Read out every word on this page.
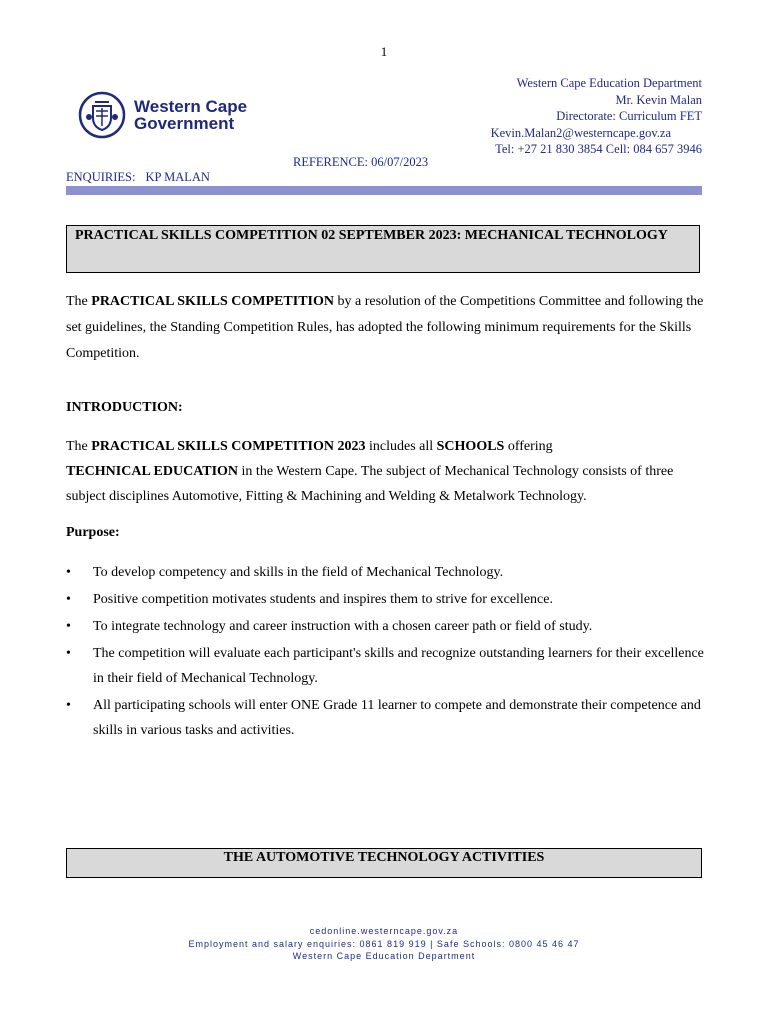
1
Western Cape
Government
Western Cape Education Department
Mr. Kevin Malan
Directorate: Curriculum FET
Kevin.Malan2@westerncape.gov.za
Tel: +27 21 830 3854 Cell: 084 657 3946
REFERENCE: 06/07/2023
ENQUIRIES: KP MALAN
PRACTICAL SKILLS COMPETITION 02 SEPTEMBER 2023: MECHANICAL TECHNOLOGY
The PRACTICAL SKILLS COMPETITION by a resolution of the Competitions Committee and following the set guidelines, the Standing Competition Rules, has adopted the following minimum requirements for the Skills Competition.
INTRODUCTION:
The PRACTICAL SKILLS COMPETITION 2023 includes all SCHOOLS offering
TECHNICAL EDUCATION in the Western Cape. The subject of Mechanical Technology consists of three subject disciplines Automotive, Fitting & Machining and Welding & Metalwork Technology.
Purpose:
• To develop competency and skills in the field of Mechanical Technology.
• Positive competition motivates students and inspires them to strive for excellence.
• To integrate technology and career instruction with a chosen career path or field of study.
• The competition will evaluate each participant's skills and recognize outstanding learners for their excellence in their field of Mechanical Technology.
• All participating schools will enter ONE Grade 11 learner to compete and demonstrate their competence and skills in various tasks and activities.
THE AUTOMOTIVE TECHNOLOGY ACTIVITIES
cedonline.westerncape.gov.za
Employment and salary enquiries: 0861 819 919 | Safe Schools: 0800 45 46 47
Western Cape Education Department
